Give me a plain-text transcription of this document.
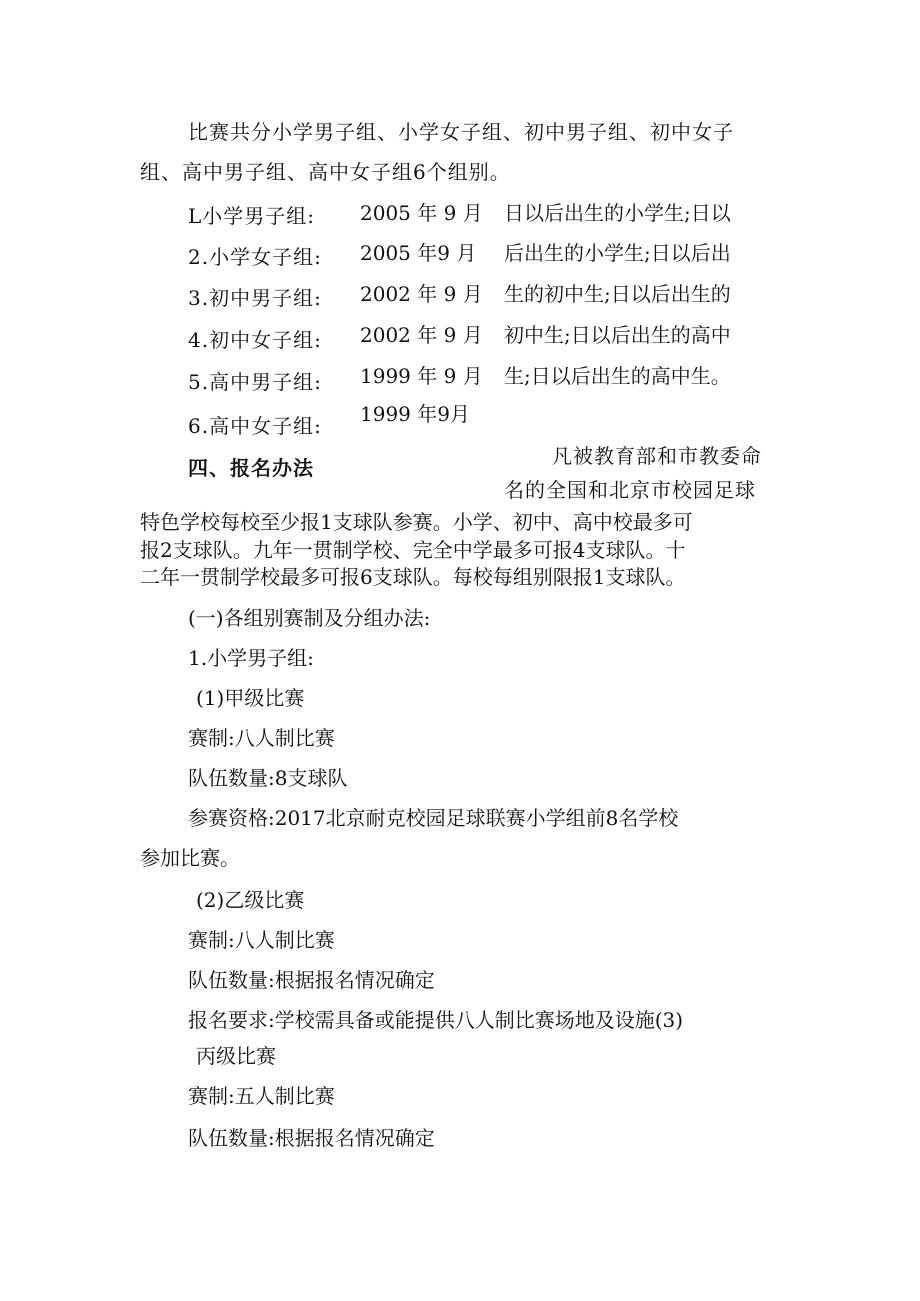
比赛共分小学男子组、小学女子组、初中男子组、初中女子

组、高中男子组、高中女子组6个组别。

L小学男子组:

2.小学女子组:

3.初中男子组:

4.初中女子组:

5.高中男子组:

6.高中女子组:

2005 年 9 月

2005 年9 月

2002 年 9 月

2002 年 9 月

1999 年 9 月

1999 年9月

日以后出生的小学生;日以

后出生的小学生;日以后出

生的初中生;日以后出生的

初中生;日以后出生的高中

生;日以后出生的高中生。

四、报名办法	凡被教育部和市教委命

名的全国和北京市校园足球

特色学校每校至少报1支球队参赛。小学、初中、高中校最多可

报2支球队。九年一贯制学校、完全中学最多可报4支球队。十

二年一贯制学校最多可报6支球队。每校每组别限报1支球队。

(一)各组别赛制及分组办法:

1.小学男子组:

(1)甲级比赛

赛制:八人制比赛

队伍数量:8支球队

参赛资格:2017北京耐克校园足球联赛小学组前8名学校

参加比赛。

(2)乙级比赛

赛制:八人制比赛

队伍数量:根据报名情况确定

报名要求:学校需具备或能提供八人制比赛场地及设施(3)

丙级比赛

赛制:五人制比赛

队伍数量:根据报名情况确定
